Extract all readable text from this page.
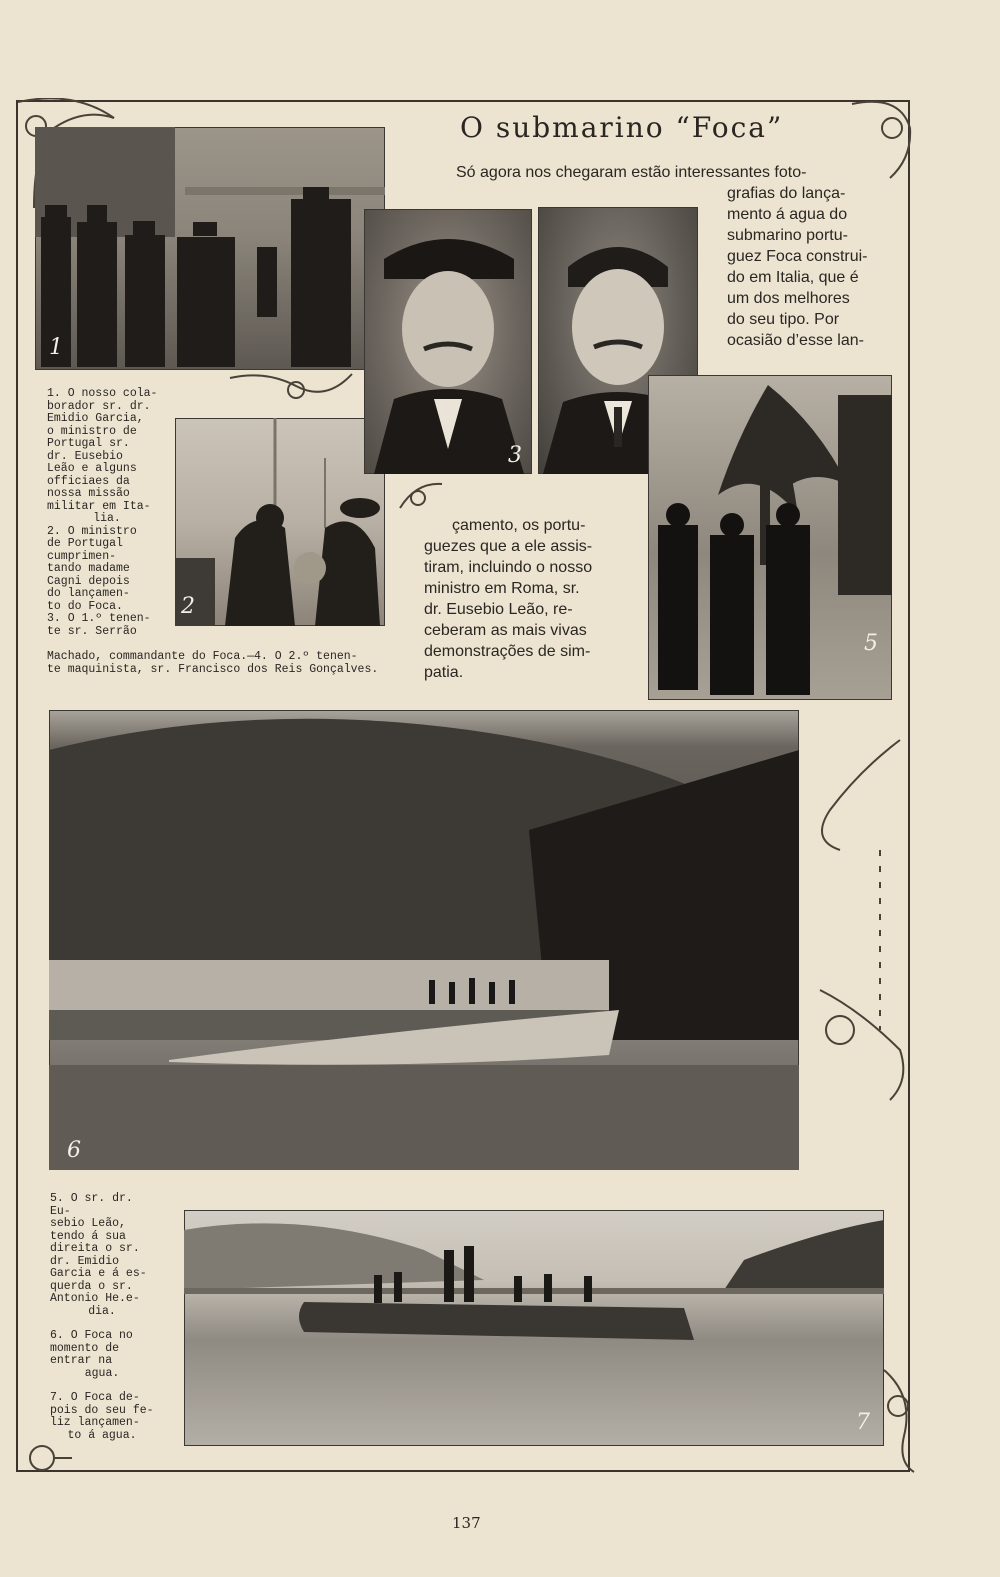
O submarino “Foca”
1
2
3
5
6
7
Só agora nos chegaram estão interessantes foto-
grafias do lança-
mento á agua do
submarino portu-
guez Foca construi-
do em Italia, que é
um dos melhores
do seu tipo. Por
ocasião d’esse lan-
çamento, os portu-
guezes que a ele assis-
tiram, incluindo o nosso
ministro em Roma, sr.
dr. Eusebio Leão, re-
ceberam as mais vivas
demonstrações de sim-
patia.
1. O nosso cola-
borador sr. dr.
Emidio Garcia,
o ministro de
Portugal sr.
dr. Eusebio
Leão e alguns
officiaes da
nossa missão
militar em Ita-
lia.
2. O ministro
de Portugal
cumprimen-
tando madame
Cagni depois
do lançamen-
to do Foca.
3. O 1.º tenen-
te sr. Serrão
Machado, commandante do Foca.—4. O 2.º tenen-
te maquinista, sr. Francisco dos Reis Gonçalves.
5. O sr. dr. Eu-
sebio Leão,
tendo á sua
direita o sr.
dr. Emidio
Garcia e á es-
querda o sr.
Antonio He.e-
dia.
6. O Foca no
momento de
entrar na
agua.
7. O Foca de-
pois do seu fe-
liz lançamen-
to á agua.
137
